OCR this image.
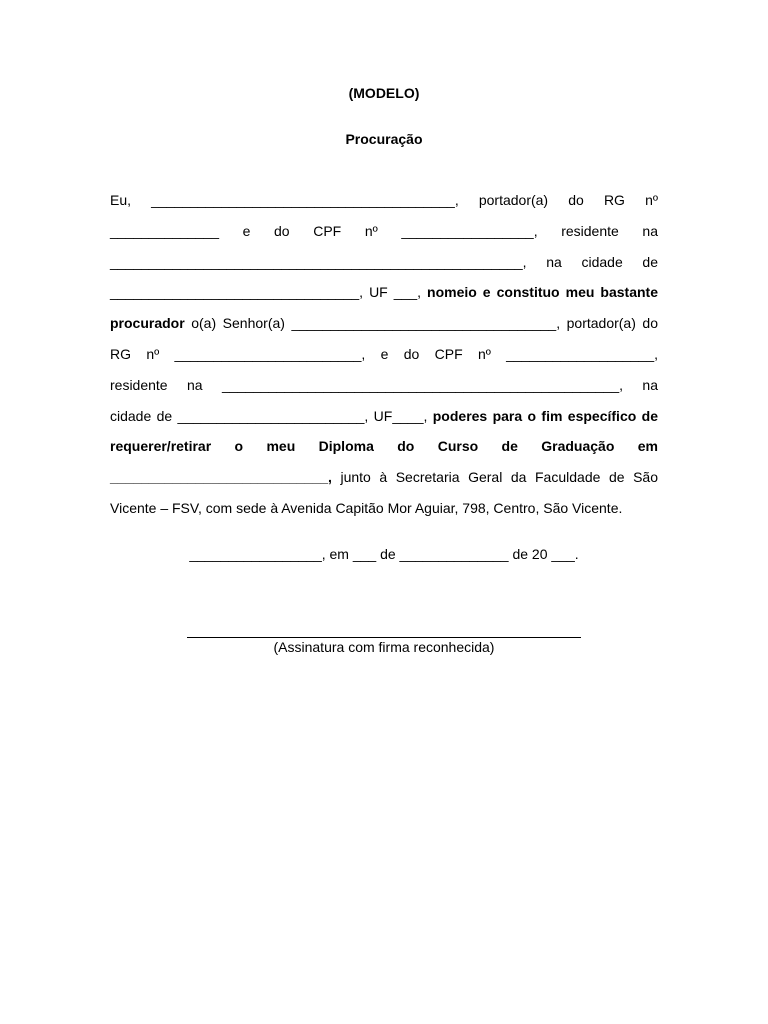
(MODELO)
Procuração
Eu, _______________________________________, portador(a) do RG nº
______________ e do CPF nº _________________, residente na
_____________________________________________________, na cidade de
________________________________, UF ___, nomeio e constituo meu bastante
procurador o(a) Senhor(a) __________________________________, portador(a) do
RG nº ________________________, e do CPF nº ___________________,
residente na ___________________________________________________, na
cidade de ________________________, UF____, poderes para o fim específico de
requerer/retirar o meu Diploma do Curso de Graduação em
____________________________, junto à Secretaria Geral da Faculdade de São
Vicente – FSV, com sede à Avenida Capitão Mor Aguiar, 798, Centro, São Vicente.
_________________, em ___ de ______________ de 20 ___.
(Assinatura com firma reconhecida)
